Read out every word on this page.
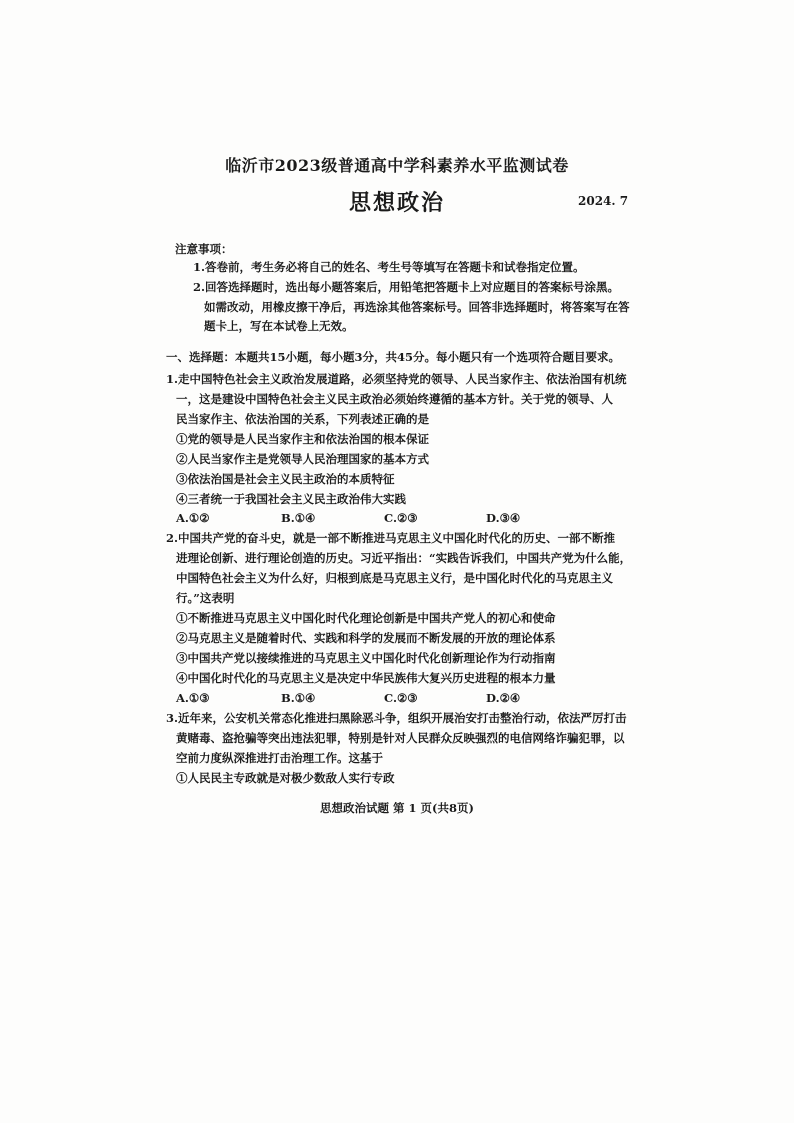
临沂市2023级普通高中学科素养水平监测试卷
思想政治	2024. 7
注意事项：
1.答卷前，考生务必将自己的姓名、考生号等填写在答题卡和试卷指定位置。
2.回答选择题时，选出每小题答案后，用铅笔把答题卡上对应题目的答案标号涂黑。
如需改动，用橡皮擦干净后，再选涂其他答案标号。回答非选择题时，将答案写在答
题卡上，写在本试卷上无效。
一、选择题：本题共15小题，每小题3分，共45分。每小题只有一个选项符合题目要求。
1.走中国特色社会主义政治发展道路，必须坚持党的领导、人民当家作主、依法治国有机统
一，这是建设中国特色社会主义民主政治必须始终遵循的基本方针。关于党的领导、人
民当家作主、依法治国的关系，下列表述正确的是
①党的领导是人民当家作主和依法治国的根本保证
②人民当家作主是党领导人民治理国家的基本方式
③依法治国是社会主义民主政治的本质特征
④三者统一于我国社会主义民主政治伟大实践
A.①②	B.①④	C.②③	D.③④
2.中国共产党的奋斗史，就是一部不断推进马克思主义中国化时代化的历史、一部不断推
进理论创新、进行理论创造的历史。习近平指出：“实践告诉我们，中国共产党为什么能，
中国特色社会主义为什么好，归根到底是马克思主义行，是中国化时代化的马克思主义
行。”这表明
①不断推进马克思主义中国化时代化理论创新是中国共产党人的初心和使命
②马克思主义是随着时代、实践和科学的发展而不断发展的开放的理论体系
③中国共产党以接续推进的马克思主义中国化时代化创新理论作为行动指南
④中国化时代化的马克思主义是决定中华民族伟大复兴历史进程的根本力量
A.①③	B.①④	C.②③	D.②④
3.近年来，公安机关常态化推进扫黑除恶斗争，组织开展治安打击整治行动，依法严厉打击
黄赌毒、盗抢骗等突出违法犯罪，特别是针对人民群众反映强烈的电信网络诈骗犯罪，以
空前力度纵深推进打击治理工作。这基于
①人民民主专政就是对极少数敌人实行专政
思想政治试题 第 1 页(共8页)
